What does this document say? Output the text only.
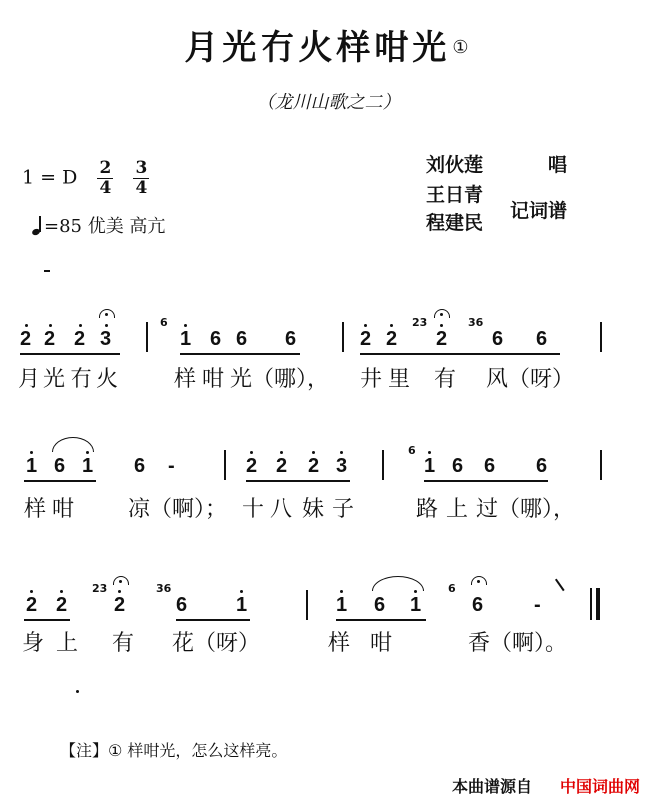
月光冇火样咁光 ①
（龙川山歌之二）
1 = D $\frac{2}{4}$
$\frac{3}{4}$
=85 优美 高亢
刘伙莲	唱
王日青
程建民
记词谱
2 2 2 3	1 6 6 6	2 2 2 6 6
6	23	36
月 光 冇 火	样 咁 光（哪）， 井 里 有 风（呀）
1 6 1 6 -	2 2 2 3	1 6 6 6
6
样 咁 凉（啊）； 十 八 妹 子	路 上 过（哪），
2 2 2	6 1	1 6 1	6	-
23	36	6
身 上 有 花（呀）	样 咁	香（啊）。
【注】① 样咁光，怎么这样亮。
本曲谱源自 中国词曲网
